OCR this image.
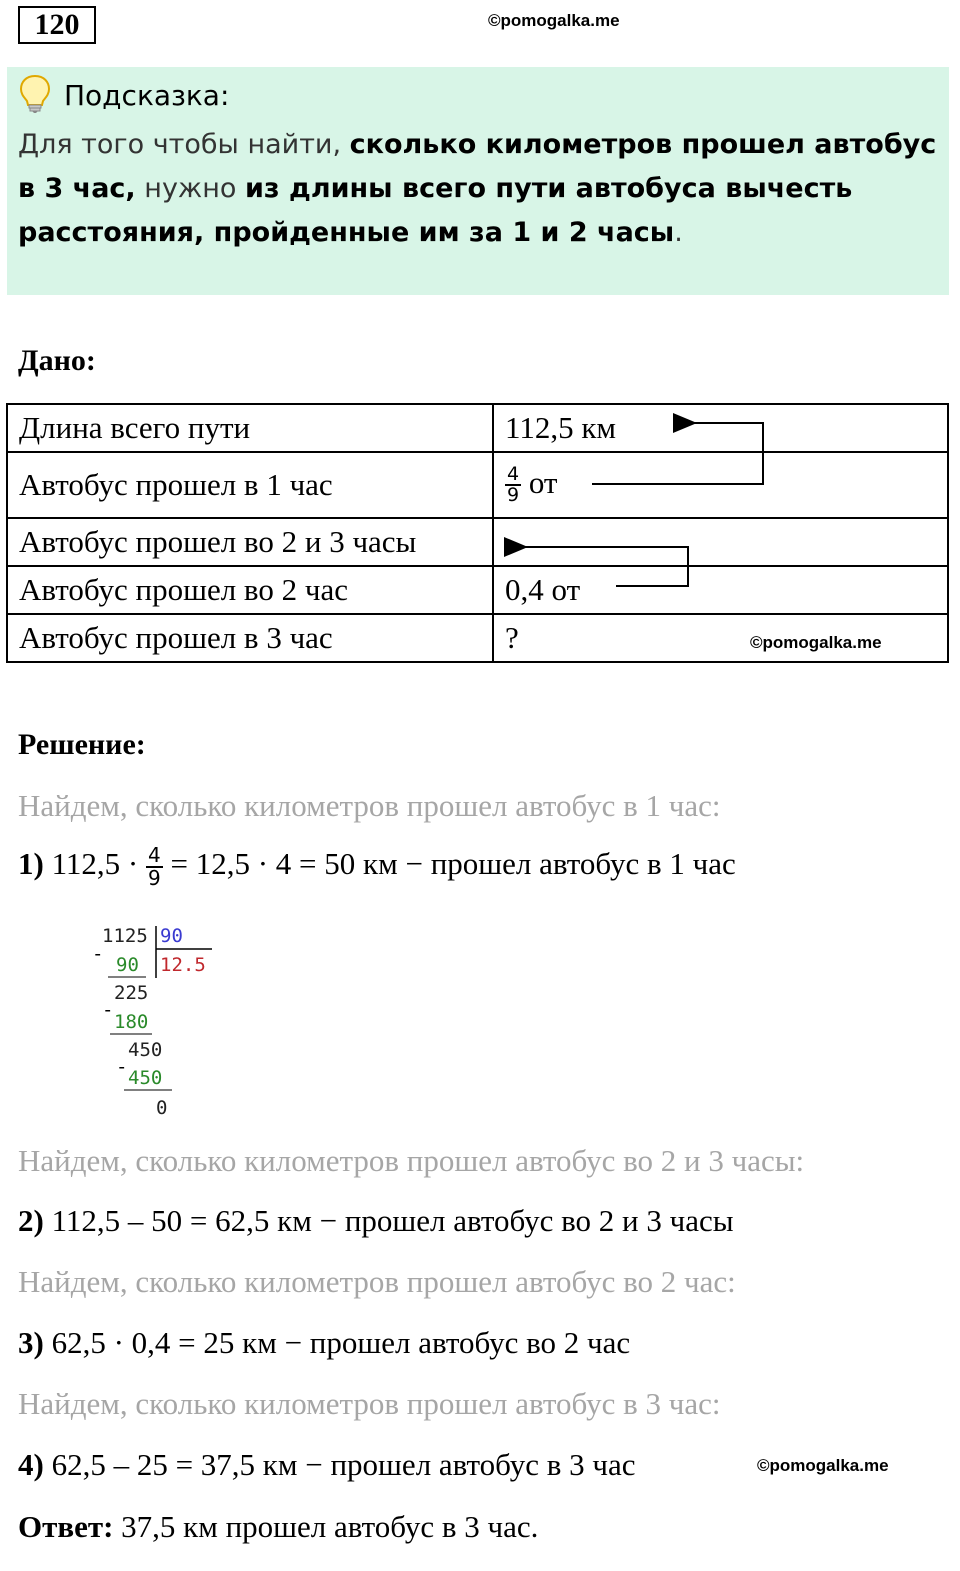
120	©pomogalka.me
Подсказка:
Для того чтобы найти, сколько километров прошел автобус в 3 час, нужно из длины всего пути автобуса вычесть расстояния, пройденные им за 1 и 2 часы.
Дано:
Длина всего пути	112,5 км
Автобус прошел в 1 час	$\frac{4}{9}$ от
Автобус прошел во 2 и 3 часы	
Автобус прошел во 2 час	0,4 от
Автобус прошел в 3 час	?	©pomogalka.me
Решение:
Найдем, сколько километров прошел автобус в 1 час:
1) $112,5 \cdot \frac{4}{9} = 12,5 \cdot 4 = 50$ км − прошел автобус в 1 час
1125 90
12.5
- 90
225
-
180
450
- 450
0
Найдем, сколько километров прошел автобус во 2 и 3 часы:
2) 112,5 – 50 = 62,5 км − прошел автобус во 2 и 3 часы
Найдем, сколько километров прошел автобус во 2 час:
3) 62,5 · 0,4 = 25 км − прошел автобус во 2 час
Найдем, сколько километров прошел автобус в 3 час:
4) 62,5 – 25 = 37,5 км − прошел автобус в 3 час	©pomogalka.me
Ответ: 37,5 км прошел автобус в 3 час.
